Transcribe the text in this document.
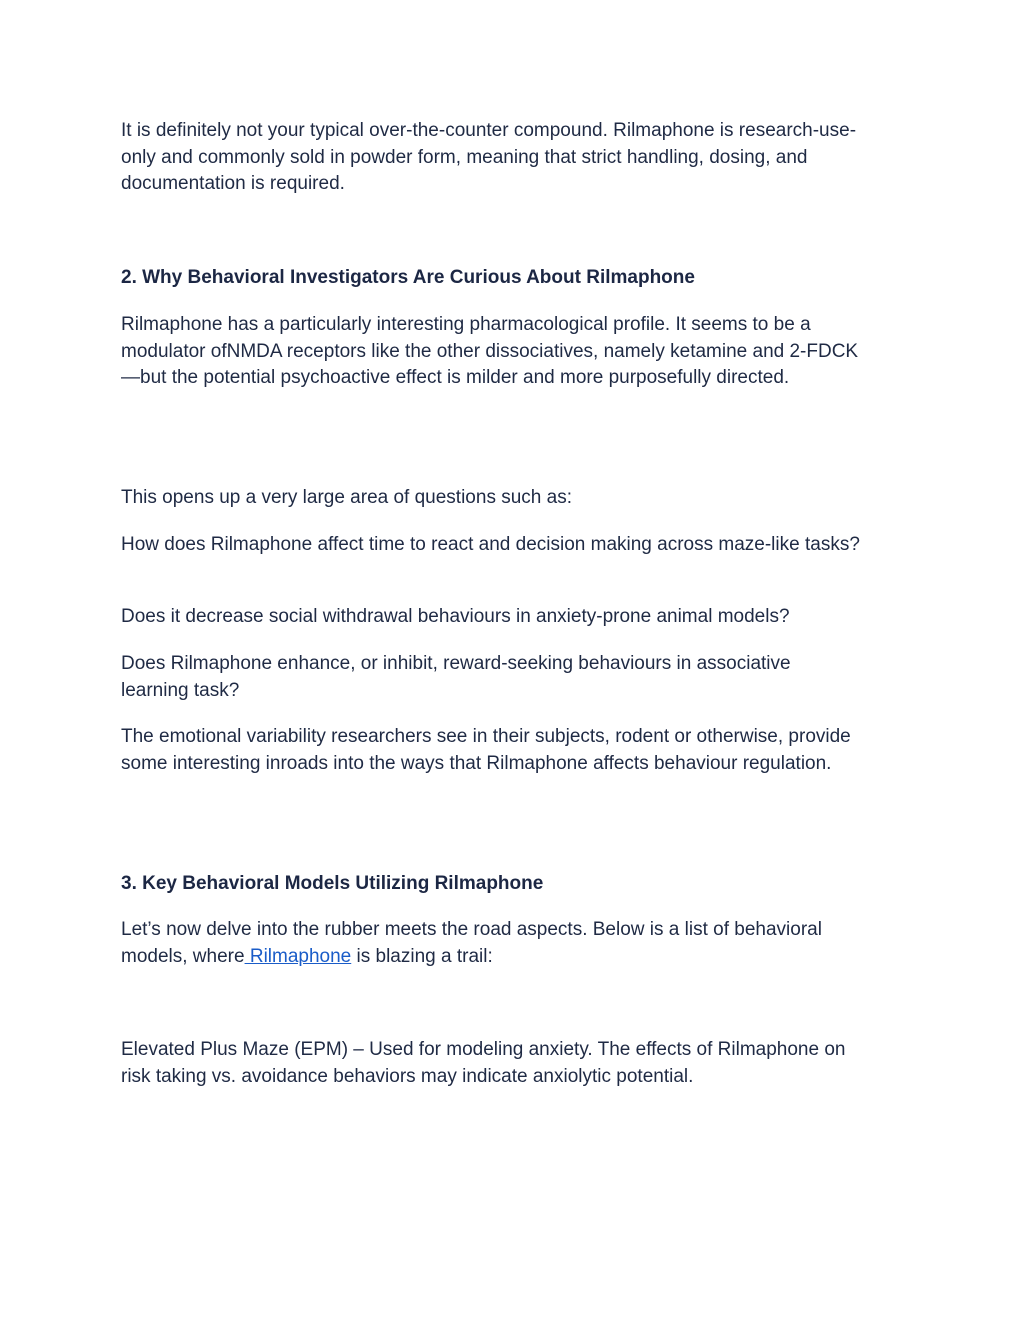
It is definitely not your typical over-the-counter compound. Rilmaphone is research-use-only and commonly sold in powder form, meaning that strict handling, dosing, and documentation is required.

2. Why Behavioral Investigators Are Curious About Rilmaphone

Rilmaphone has a particularly interesting pharmacological profile. It seems to be a modulator ofNMDA receptors like the other dissociatives, namely ketamine and 2-FDCK—but the potential psychoactive effect is milder and more purposefully directed.

This opens up a very large area of questions such as:

How does Rilmaphone affect time to react and decision making across maze-like tasks?

Does it decrease social withdrawal behaviours in anxiety-prone animal models?

Does Rilmaphone enhance, or inhibit, reward-seeking behaviours in associative learning task?

The emotional variability researchers see in their subjects, rodent or otherwise, provide some interesting inroads into the ways that Rilmaphone affects behaviour regulation.

3. Key Behavioral Models Utilizing Rilmaphone

Let’s now delve into the rubber meets the road aspects. Below is a list of behavioral models, where Rilmaphone is blazing a trail:

Elevated Plus Maze (EPM) – Used for modeling anxiety. The effects of Rilmaphone on risk taking vs. avoidance behaviors may indicate anxiolytic potential.
